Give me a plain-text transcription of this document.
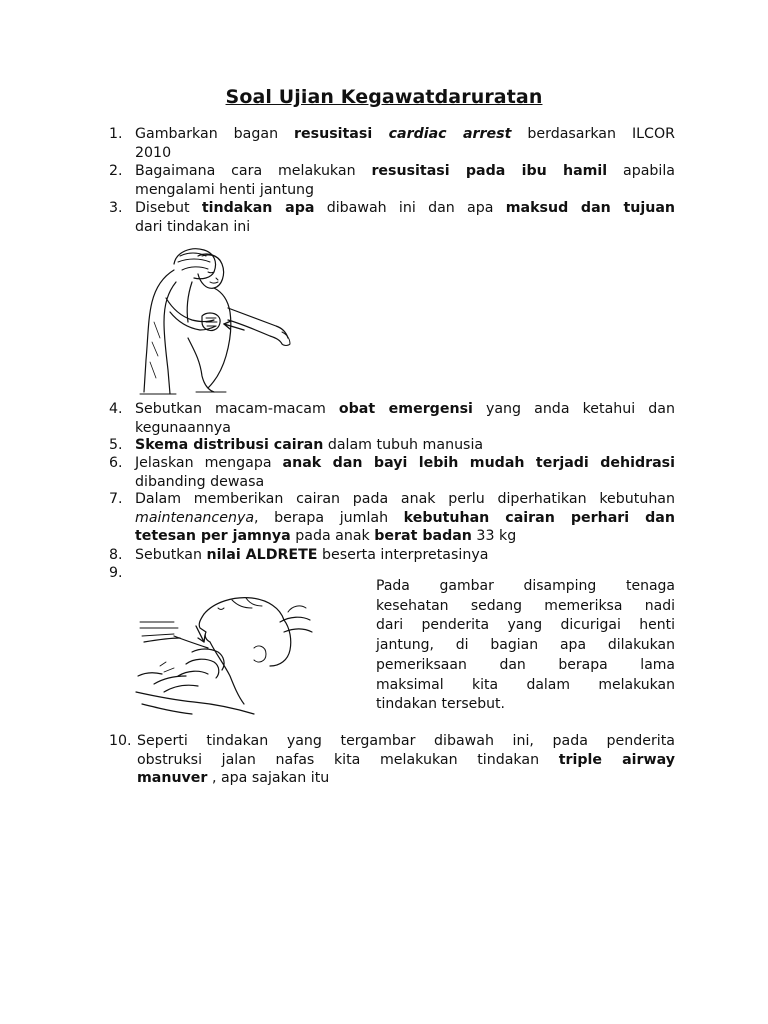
Soal Ujian Kegawatdaruratan
1. Gambarkan bagan resusitasi cardiac arrest berdasarkan ILCOR
2010
2. Bagaimana cara melakukan resusitasi pada ibu hamil apabila
mengalami henti jantung
3. Disebut tindakan apa dibawah ini dan apa maksud dan tujuan
dari tindakan ini
4. Sebutkan macam-macam obat emergensi yang anda ketahui dan
kegunaannya
5. Skema distribusi cairan dalam tubuh manusia
6. Jelaskan mengapa anak dan bayi lebih mudah terjadi dehidrasi
dibanding dewasa
7. Dalam memberikan cairan pada anak perlu diperhatikan kebutuhan
maintenancenya, berapa jumlah kebutuhan cairan perhari dan
tetesan per jamnya pada anak berat badan 33 kg
8. Sebutkan nilai ALDRETE beserta interpretasinya
9.
Pada gambar disamping tenaga
kesehatan sedang memeriksa nadi
dari penderita yang dicurigai henti
jantung, di bagian apa dilakukan
pemeriksaan dan berapa lama
maksimal kita dalam melakukan
tindakan tersebut.
10. Seperti tindakan yang tergambar dibawah ini, pada penderita
obstruksi jalan nafas kita melakukan tindakan triple airway
manuver , apa sajakan itu
